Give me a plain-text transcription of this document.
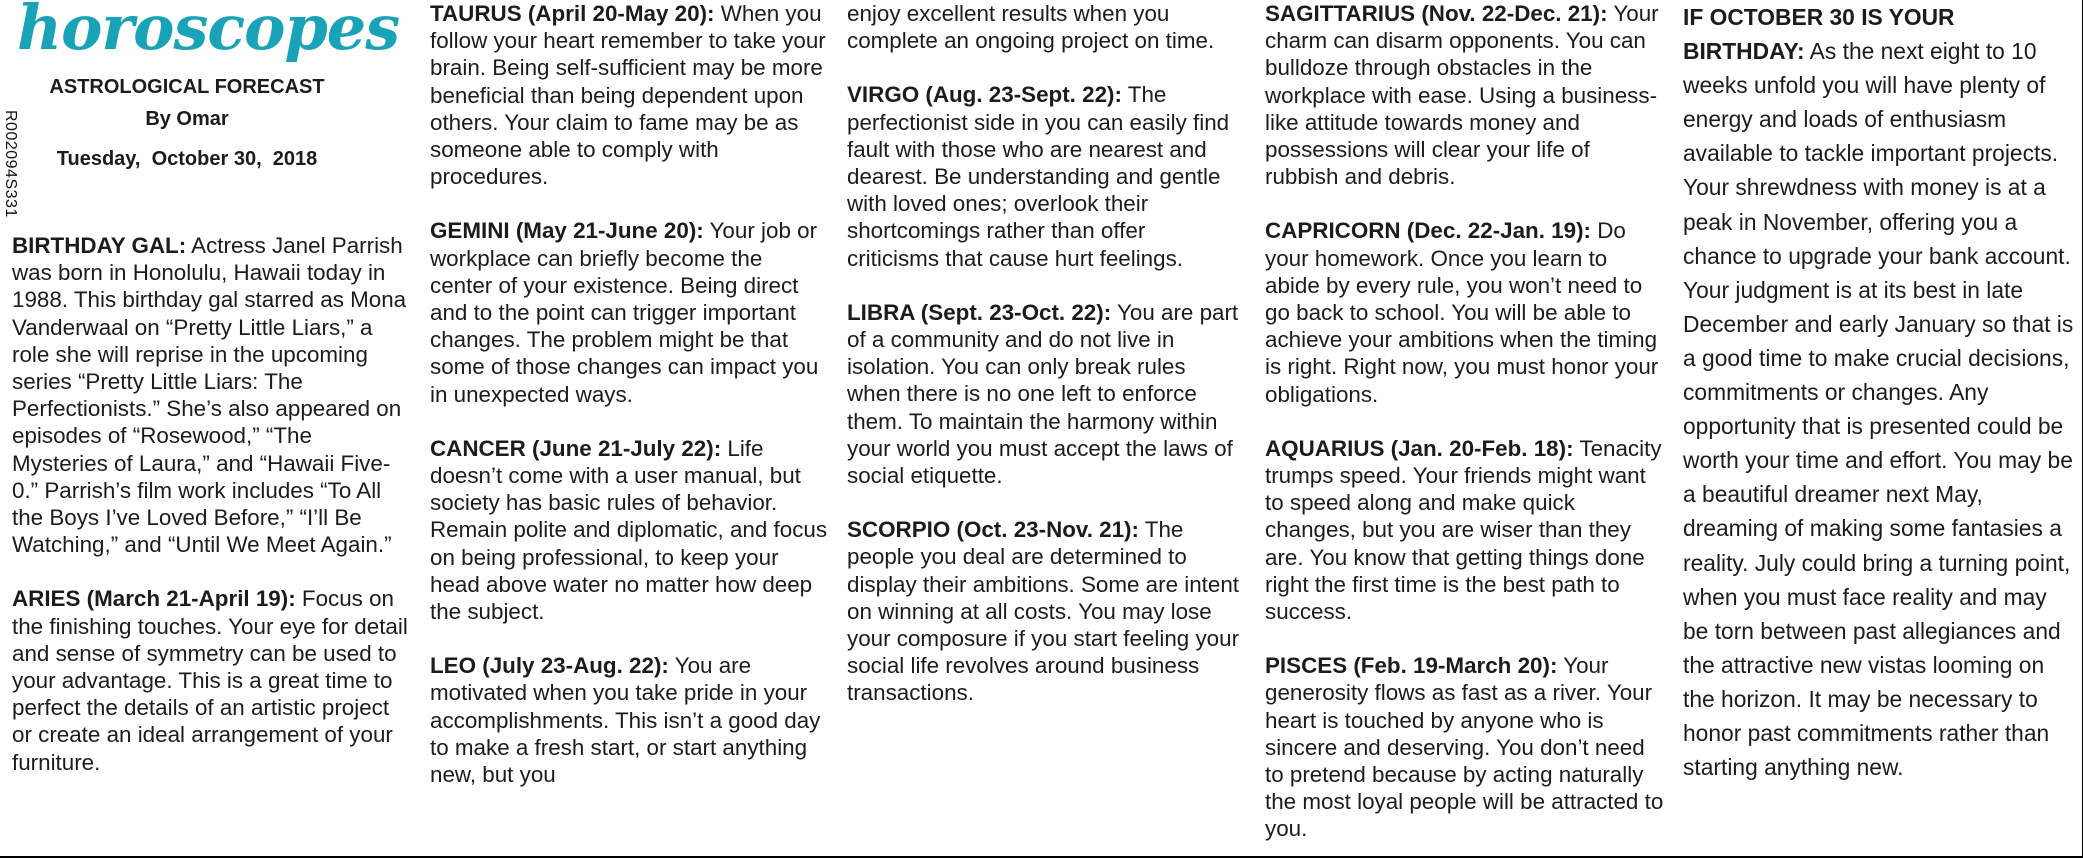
horoscopes
ASTROLOGICAL FORECAST
By Omar
Tuesday,  October 30,  2018

BIRTHDAY GAL: Actress Janel Parrish was born in Honolulu, Hawaii today in 1988. This birthday gal starred as Mona Vanderwaal on “Pretty Little Liars,” a role she will reprise in the upcoming series “Pretty Little Liars: The Perfectionists.” She’s also appeared on episodes of “Rosewood,” “The Mysteries of Laura,” and “Hawaii Five-0.” Parrish’s film work includes “To All the Boys I’ve Loved Before,” “I’ll Be Watching,” and “Until We Meet Again.”

ARIES (March 21-April 19): Focus on the finishing touches. Your eye for detail and sense of symmetry can be used to your advantage. This is a great time to perfect the details of an artistic project or create an ideal arrangement of your furniture.

R002094S331

TAURUS (April 20-May 20): When you follow your heart remember to take your brain. Being self-sufficient may be more beneficial than being dependent upon others. Your claim to fame may be as someone able to comply with procedures.

GEMINI (May 21-June 20): Your job or workplace can briefly become the center of your existence. Being direct and to the point can trigger important changes. The problem might be that some of those changes can impact you in unexpected ways.

CANCER (June 21-July 22): Life doesn’t come with a user manual, but society has basic rules of behavior. Remain polite and diplomatic, and focus on being professional, to keep your head above water no matter how deep the subject.

LEO (July 23-Aug. 22): You are motivated when you take pride in your accomplishments. This isn’t a good day to make a fresh start, or start anything new, but you

enjoy excellent results when you complete an ongoing project on time.

VIRGO (Aug. 23-Sept. 22): The perfectionist side in you can easily find fault with those who are nearest and dearest. Be understanding and gentle with loved ones; overlook their shortcomings rather than offer criticisms that cause hurt feelings.

LIBRA (Sept. 23-Oct. 22): You are part of a community and do not live in isolation. You can only break rules when there is no one left to enforce them. To maintain the harmony within your world you must accept the laws of social etiquette.

SCORPIO (Oct. 23-Nov. 21): The people you deal are determined to display their ambitions. Some are intent on winning at all costs. You may lose your composure if you start feeling your social life revolves around business transactions.

SAGITTARIUS (Nov. 22-Dec. 21): Your charm can disarm opponents. You can bulldoze through obstacles in the workplace with ease. Using a business-like attitude towards money and possessions will clear your life of rubbish and debris.

CAPRICORN (Dec. 22-Jan. 19): Do your homework. Once you learn to abide by every rule, you won’t need to go back to school. You will be able to achieve your ambitions when the timing is right. Right now, you must honor your obligations.

AQUARIUS (Jan. 20-Feb. 18): Tenacity trumps speed. Your friends might want to speed along and make quick changes, but you are wiser than they are. You know that getting things done right the first time is the best path to success.

PISCES (Feb. 19-March 20): Your generosity flows as fast as a river. Your heart is touched by anyone who is sincere and deserving. You don’t need to pretend because by acting naturally the most loyal people will be attracted to you.

IF OCTOBER 30 IS YOUR BIRTHDAY: As the next eight to 10 weeks unfold you will have plenty of energy and loads of enthusiasm available to tackle important projects. Your shrewdness with money is at a peak in November, offering you a chance to upgrade your bank account. Your judgment is at its best in late December and early January so that is a good time to make crucial decisions, commitments or changes. Any opportunity that is presented could be worth your time and effort. You may be a beautiful dreamer next May, dreaming of making some fantasies a reality. July could bring a turning point, when you must face reality and may be torn between past allegiances and the attractive new vistas looming on the horizon. It may be necessary to honor past commitments rather than starting anything new.
